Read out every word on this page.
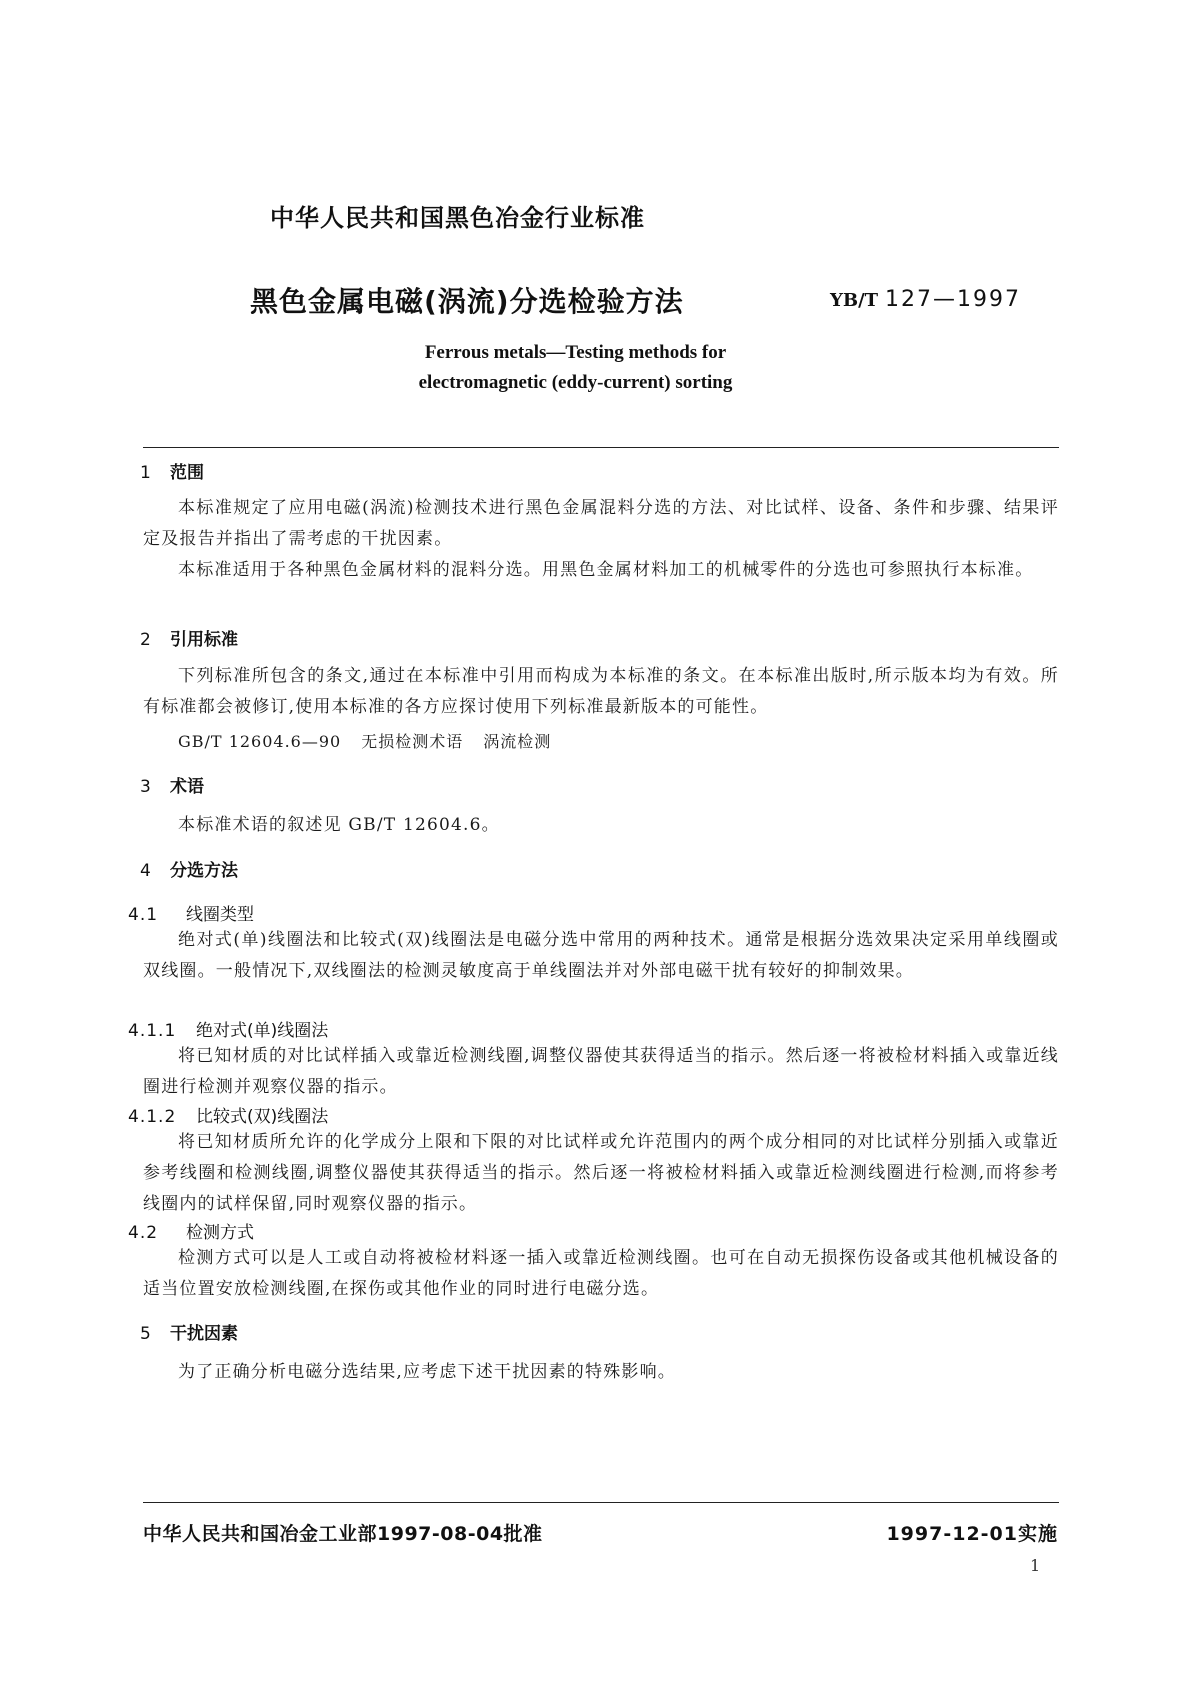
中华人民共和国黑色冶金行业标准
黑色金属电磁(涡流)分选检验方法	YB/T 127—1997
Ferrous metals—Testing methods for
electromagnetic (eddy-current) sorting
1 范围
本标准规定了应用电磁(涡流)检测技术进行黑色金属混料分选的方法、对比试样、设备、条件和步骤、结果评定及报告并指出了需考虑的干扰因素。
本标准适用于各种黑色金属材料的混料分选。用黑色金属材料加工的机械零件的分选也可参照执行本标准。
2 引用标准
下列标准所包含的条文,通过在本标准中引用而构成为本标准的条文。在本标准出版时,所示版本均为有效。所有标准都会被修订,使用本标准的各方应探讨使用下列标准最新版本的可能性。
GB/T 12604.6—90 无损检测术语 涡流检测
3 术语
本标准术语的叙述见 GB/T 12604.6。
4 分选方法
4.1 线圈类型
绝对式(单)线圈法和比较式(双)线圈法是电磁分选中常用的两种技术。通常是根据分选效果决定采用单线圈或双线圈。一般情况下,双线圈法的检测灵敏度高于单线圈法并对外部电磁干扰有较好的抑制效果。
4.1.1 绝对式(单)线圈法
将已知材质的对比试样插入或靠近检测线圈,调整仪器使其获得适当的指示。然后逐一将被检材料插入或靠近线圈进行检测并观察仪器的指示。
4.1.2 比较式(双)线圈法
将已知材质所允许的化学成分上限和下限的对比试样或允许范围内的两个成分相同的对比试样分别插入或靠近参考线圈和检测线圈,调整仪器使其获得适当的指示。然后逐一将被检材料插入或靠近检测线圈进行检测,而将参考线圈内的试样保留,同时观察仪器的指示。
4.2 检测方式
检测方式可以是人工或自动将被检材料逐一插入或靠近检测线圈。也可在自动无损探伤设备或其他机械设备的适当位置安放检测线圈,在探伤或其他作业的同时进行电磁分选。
5 干扰因素
为了正确分析电磁分选结果,应考虑下述干扰因素的特殊影响。
中华人民共和国冶金工业部1997-08-04批准	1997-12-01实施
1
